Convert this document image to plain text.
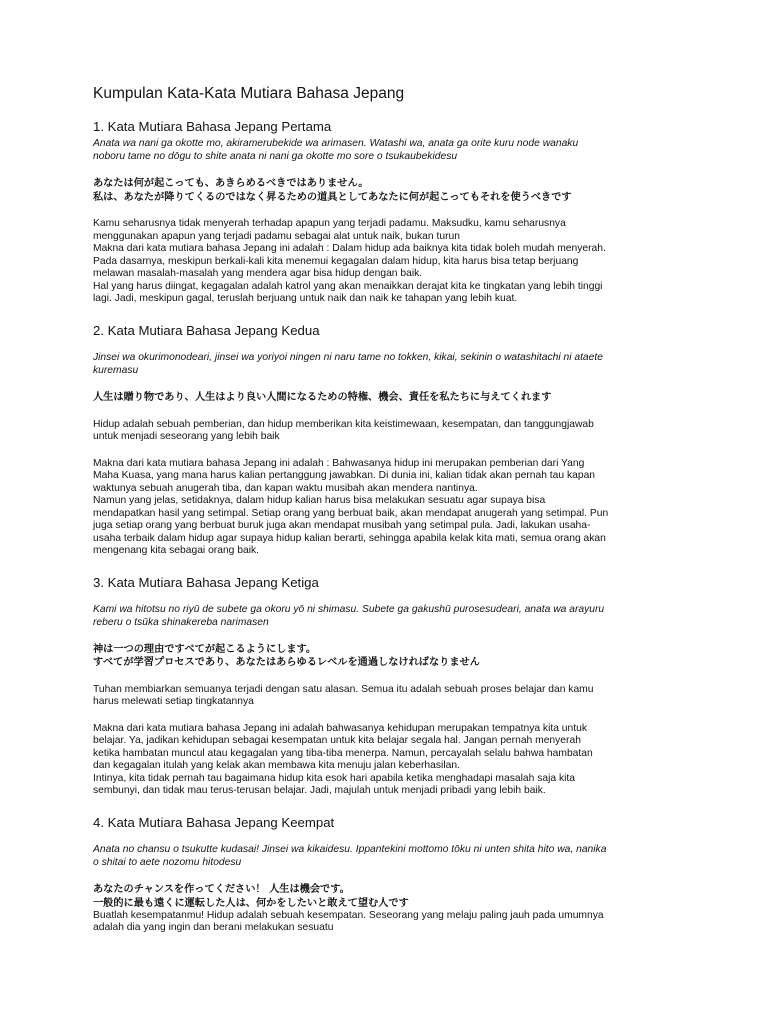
Kumpulan Kata-Kata Mutiara Bahasa Jepang
1. Kata Mutiara Bahasa Jepang Pertama
Anata wa nani ga okotte mo, akiramerubekide wa arimasen. Watashi wa, anata ga orite kuru node wanaku
noboru tame no dōgu to shite anata ni nani ga okotte mo sore o tsukaubekidesu
あなたは何が起こっても、あきらめるべきではありません。
私は、あなたが降りてくるのではなく昇るための道具としてあなたに何が起こってもそれを使うべきです
Kamu seharusnya tidak menyerah terhadap apapun yang terjadi padamu. Maksudku, kamu seharusnya
menggunakan apapun yang terjadi padamu sebagai alat untuk naik, bukan turun
Makna dari kata mutiara bahasa Jepang ini adalah : Dalam hidup ada baiknya kita tidak boleh mudah menyerah.
Pada dasarnya, meskipun berkali-kali kita menemui kegagalan dalam hidup, kita harus bisa tetap berjuang
melawan masalah-masalah yang mendera agar bisa hidup dengan baik.
Hal yang harus diingat, kegagalan adalah katrol yang akan menaikkan derajat kita ke tingkatan yang lebih tinggi
lagi. Jadi, meskipun gagal, teruslah berjuang untuk naik dan naik ke tahapan yang lebih kuat.
2. Kata Mutiara Bahasa Jepang Kedua
Jinsei wa okurimonodeari, jinsei wa yoriyoi ningen ni naru tame no tokken, kikai, sekinin o watashitachi ni ataete
kuremasu
人生は贈り物であり、人生はより良い人間になるための特権、機会、責任を私たちに与えてくれます
Hidup adalah sebuah pemberian, dan hidup memberikan kita keistimewaan, kesempatan, dan tanggungjawab
untuk menjadi seseorang yang lebih baik
Makna dari kata mutiara bahasa Jepang ini adalah : Bahwasanya hidup ini merupakan pemberian dari Yang
Maha Kuasa, yang mana harus kalian pertanggung jawabkan. Di dunia ini, kalian tidak akan pernah tau kapan
waktunya sebuah anugerah tiba, dan kapan waktu musibah akan mendera nantinya.
Namun yang jelas, setidaknya, dalam hidup kalian harus bisa melakukan sesuatu agar supaya bisa
mendapatkan hasil yang setimpal. Setiap orang yang berbuat baik, akan mendapat anugerah yang setimpal. Pun
juga setiap orang yang berbuat buruk juga akan mendapat musibah yang setimpal pula. Jadi, lakukan usaha-
usaha terbaik dalam hidup agar supaya hidup kalian berarti, sehingga apabila kelak kita mati, semua orang akan
mengenang kita sebagai orang baik.
3. Kata Mutiara Bahasa Jepang Ketiga
Kami wa hitotsu no riyū de subete ga okoru yō ni shimasu. Subete ga gakushū purosesudeari, anata wa arayuru
reberu o tsūka shinakereba narimasen
神は一つの理由ですべてが起こるようにします。
すべてが学習プロセスであり、あなたはあらゆるレベルを通過しなければなりません
Tuhan membiarkan semuanya terjadi dengan satu alasan. Semua itu adalah sebuah proses belajar dan kamu
harus melewati setiap tingkatannya
Makna dari kata mutiara bahasa Jepang ini adalah bahwasanya kehidupan merupakan tempatnya kita untuk
belajar. Ya, jadikan kehidupan sebagai kesempatan untuk kita belajar segala hal. Jangan pernah menyerah
ketika hambatan muncul atau kegagalan yang tiba-tiba menerpa. Namun, percayalah selalu bahwa hambatan
dan kegagalan itulah yang kelak akan membawa kita menuju jalan keberhasilan.
Intinya, kita tidak pernah tau bagaimana hidup kita esok hari apabila ketika menghadapi masalah saja kita
sembunyi, dan tidak mau terus-terusan belajar. Jadi, majulah untuk menjadi pribadi yang lebih baik.
4. Kata Mutiara Bahasa Jepang Keempat
Anata no chansu o tsukutte kudasai! Jinsei wa kikaidesu. Ippantekini mottomo tōku ni unten shita hito wa, nanika
o shitai to aete nozomu hitodesu
あなたのチャンスを作ってください！ 人生は機会です。
一般的に最も遠くに運転した人は、何かをしたいと敢えて望む人です
Buatlah kesempatanmu! Hidup adalah sebuah kesempatan. Seseorang yang melaju paling jauh pada umumnya
adalah dia yang ingin dan berani melakukan sesuatu
